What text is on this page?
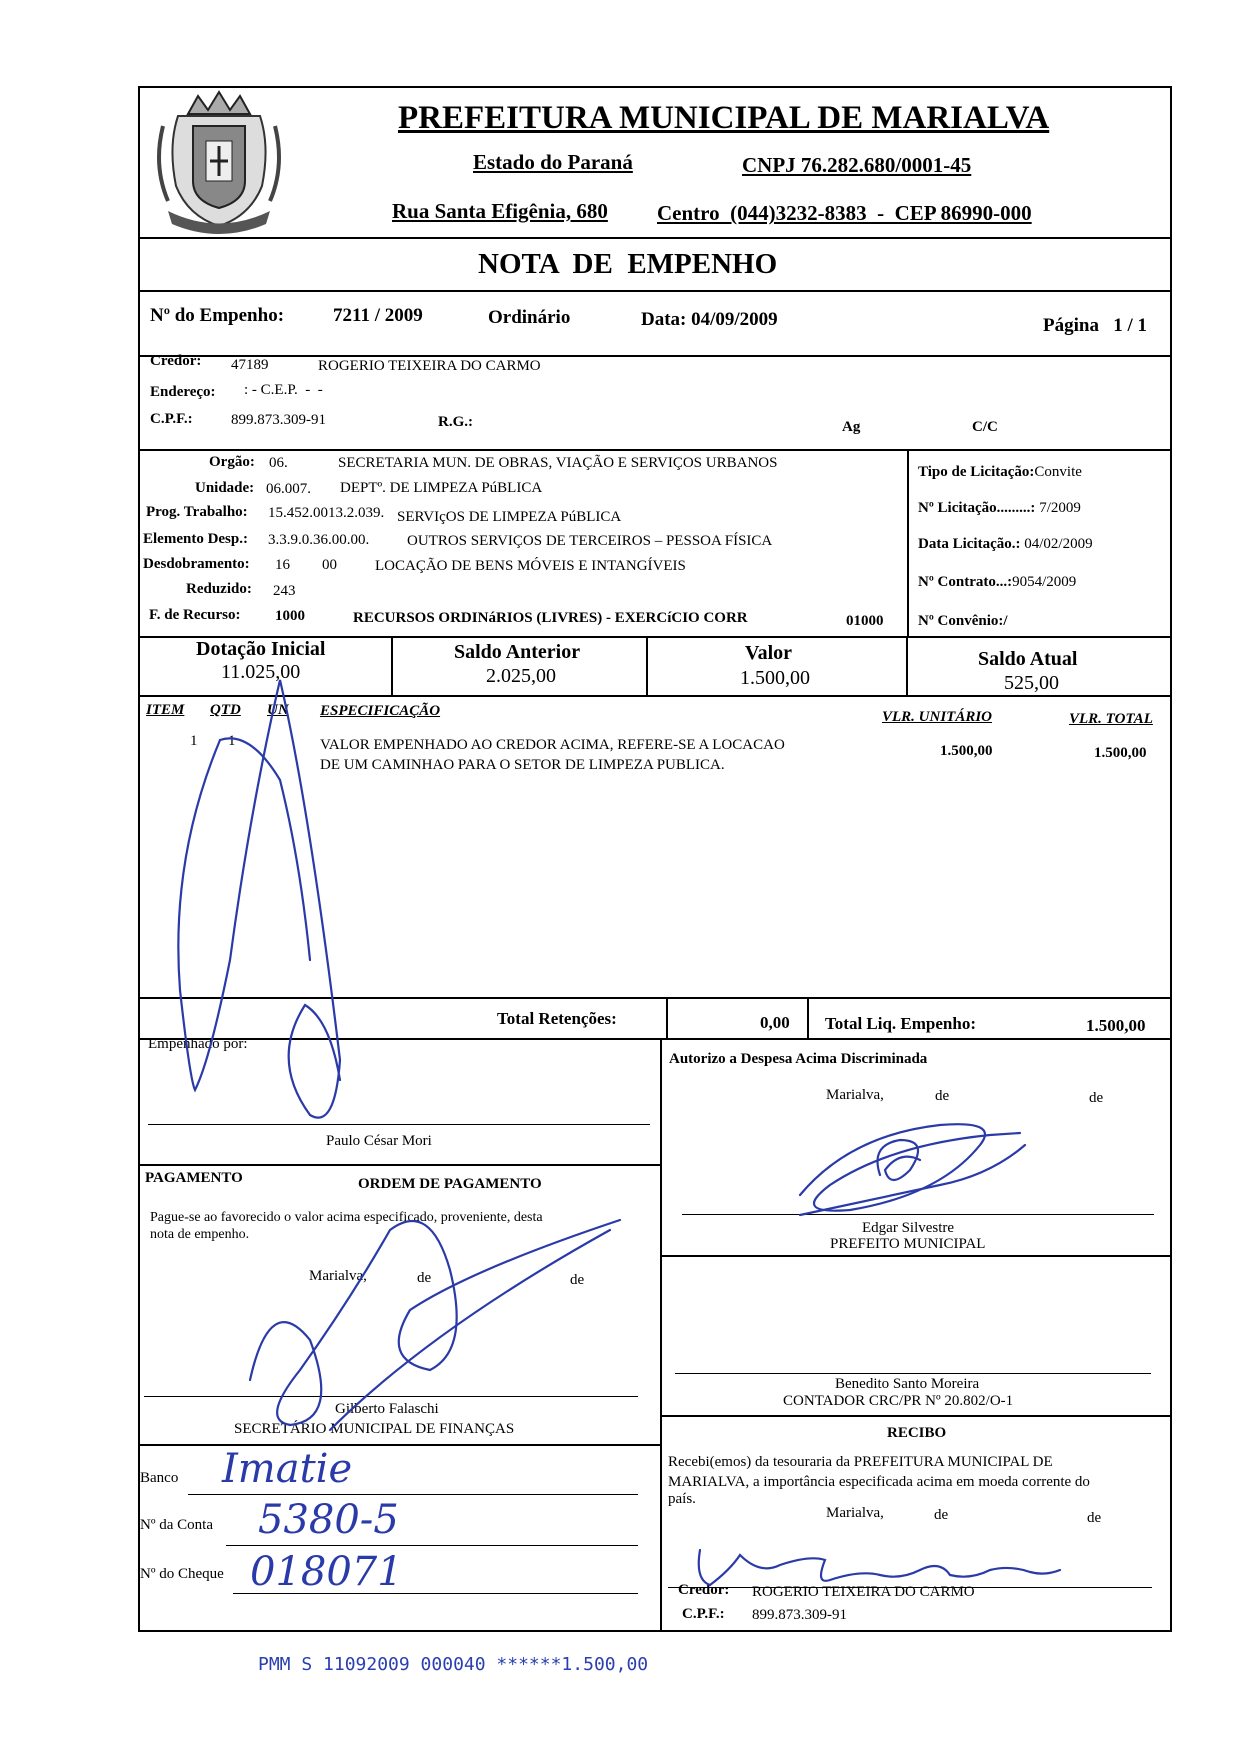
PREFEITURA MUNICIPAL DE MARIALVA
Estado do Paraná	CNPJ 76.282.680/0001-45
Rua Santa Efigênia, 680 Centro  (044)3232-8383  -  CEP 86990-000
NOTA  DE  EMPENHO
Nº do Empenho:	7211 / 2009	Ordinário	Data: 04/09/2009	Página   1 / 1
Credor: 47189	ROGERIO TEIXEIRA DO CARMO
Endereço: : - C.E.P.  -  -
C.P.F.:	899.873.309-91	R.G.:	Ag	C/C
Orgão: 06.	SECRETARIA MUN. DE OBRAS, VIAÇÃO E SERVIÇOS URBANOS
Unidade: 06.007. DEPTº. DE LIMPEZA PúBLICA
Prog. Trabalho: 15.452.0013.2.039. SERVIçOS DE LIMPEZA PúBLICA
Elemento Desp.: 3.3.9.0.36.00.00.	OUTROS SERVIÇOS DE TERCEIROS – PESSOA FÍSICA
Desdobramento: 16 00	LOCAÇÃO DE BENS MÓVEIS E INTANGÍVEIS
Reduzido: 243
F. de Recurso: 1000	RECURSOS ORDINáRIOS (LIVRES) - EXERCíCIO CORR	01000
Tipo de Licitação:Convite
Nº Licitação.........: 7/2009
Data Licitação.: 04/02/2009
Nº Contrato...:9054/2009
Nº Convênio:/
Dotação Inicial
11.025,00
Saldo Anterior
2.025,00
Valor
1.500,00
Saldo Atual
525,00
ITEM QTD UN ESPECIFICAÇÃO	VLR. UNITÁRIO	VLR. TOTAL
1 1	VALOR EMPENHADO AO CREDOR ACIMA, REFERE-SE A LOCACAO
DE UM CAMINHAO PARA O SETOR DE LIMPEZA PUBLICA.
1.500,00	1.500,00
Total Retenções:	0,00 Total Liq. Empenho:	1.500,00
Empenhado por:
Paulo César Mori
Autorizo a Despesa Acima Discriminada
Marialva,	de	de
Edgar Silvestre
PREFEITO MUNICIPAL
PAGAMENTO	ORDEM DE PAGAMENTO
Pague-se ao favorecido o valor acima especificado, proveniente, desta
nota de empenho.
Marialva,	de	de
Gilberto Falaschi
SECRETÁRIO MUNICIPAL DE FINANÇAS
Benedito Santo Moreira
CONTADOR CRC/PR Nº 20.802/O-1
Banco Imatie
Nº da Conta 5380-5
Nº do Cheque 018071
RECIBO
Recebi(emos) da tesouraria da PREFEITURA MUNICIPAL DE
MARIALVA, a importância especificada acima em moeda corrente do
país.
Marialva,	de	de
Credor: ROGERIO TEIXEIRA DO CARMO
C.P.F.: 899.873.309-91
PMM S 11092009 000040 ******1.500,00
